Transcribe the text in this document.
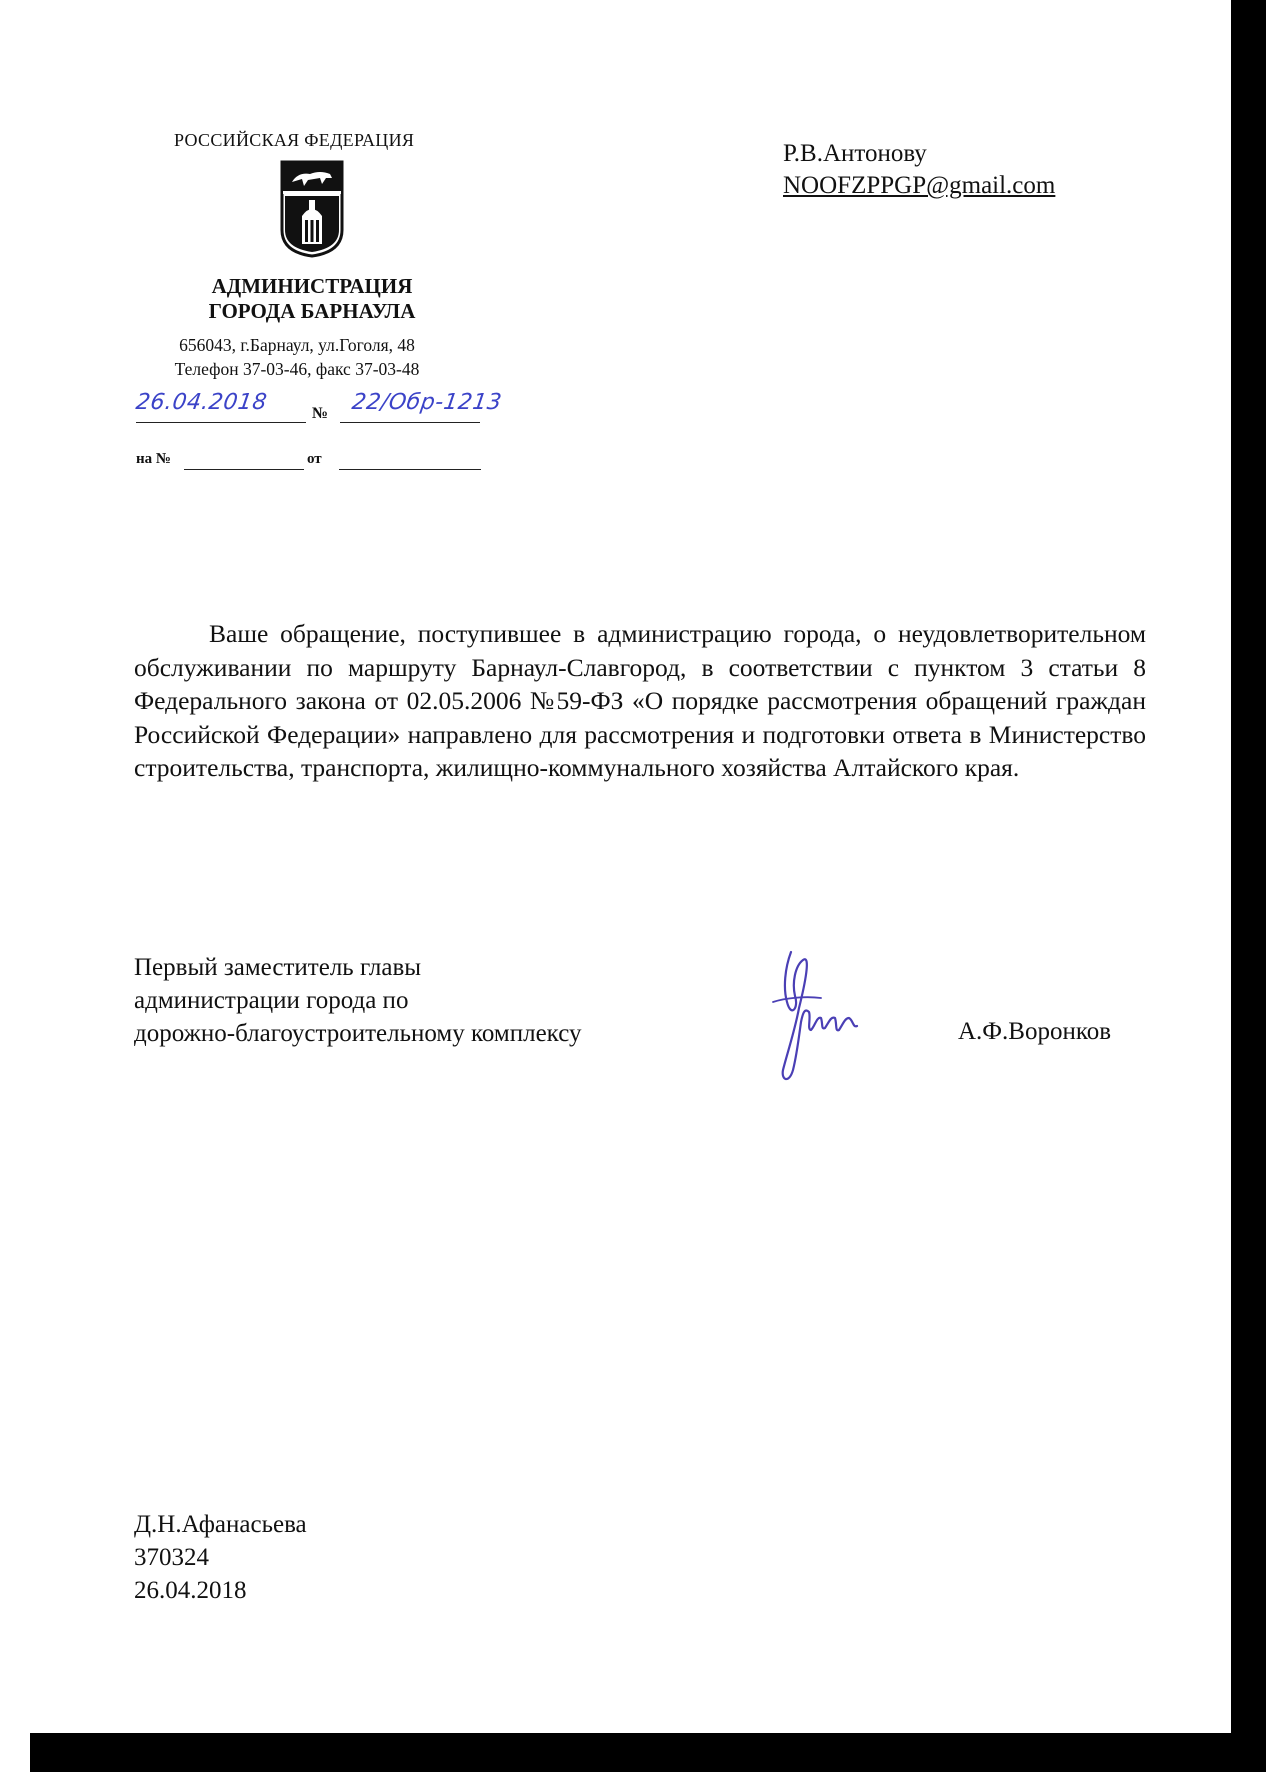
РОССИЙСКАЯ ФЕДЕРАЦИЯ
АДМИНИСТРАЦИЯ
ГОРОДА БАРНАУЛА
656043, г.Барнаул, ул.Гоголя, 48
Телефон 37-03-46, факс 37-03-48
26.04.2018	№ 22/Обр-1213
на №	от
Р.В.Антонову
NOOFZPPGP@gmail.com
Ваше обращение, поступившее в администрацию города, о неудовлетворительном обслуживании по маршруту Барнаул-Славгород, в соответствии с пунктом 3 статьи 8 Федерального закона от 02.05.2006 №59-ФЗ «О порядке рассмотрения обращений граждан Российской Федерации» направлено для рассмотрения и подготовки ответа в Министерство строительства, транспорта, жилищно-коммунального хозяйства Алтайского края.
Первый заместитель главы
администрации города по
дорожно-благоустроительному комплексу	А.Ф.Воронков
Д.Н.Афанасьева
370324
26.04.2018
